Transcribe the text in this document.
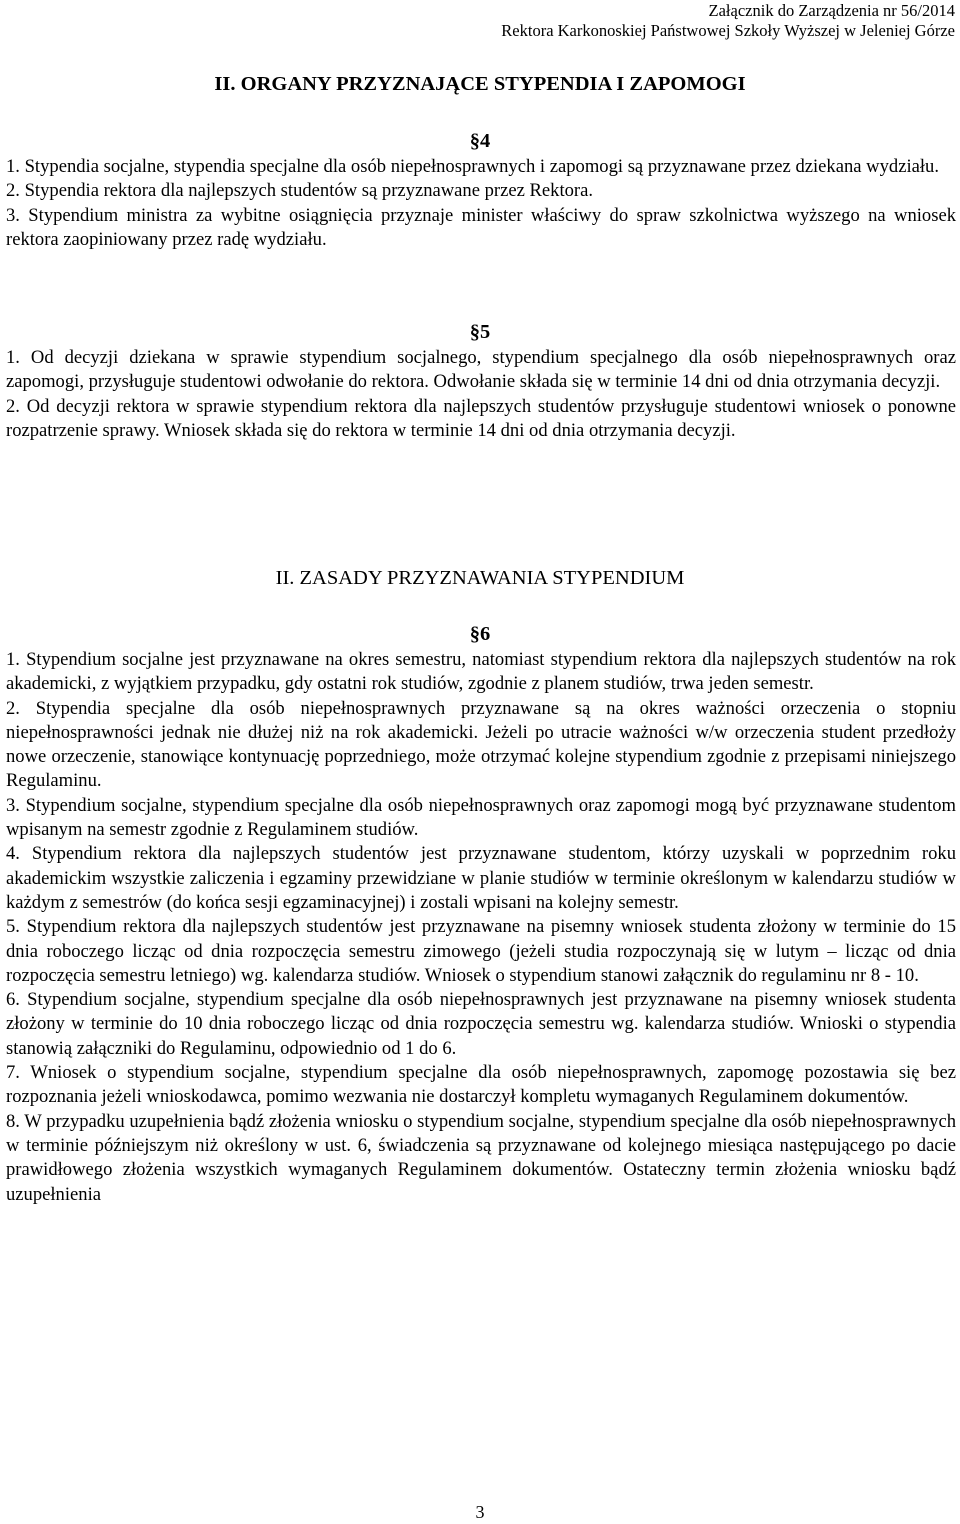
Załącznik do Zarządzenia nr 56/2014
Rektora Karkonoskiej Państwowej Szkoły Wyższej w Jeleniej Górze
II. ORGANY PRZYZNAJĄCE STYPENDIA I ZAPOMOGI
§4

1. Stypendia socjalne, stypendia specjalne dla osób niepełnosprawnych i zapomogi są przyznawane przez dziekana wydziału.

2. Stypendia rektora dla najlepszych studentów są przyznawane przez Rektora.

3. Stypendium ministra za wybitne osiągnięcia przyznaje minister właściwy do spraw szkolnictwa wyższego na wniosek rektora zaopiniowany przez radę wydziału.

§5

1. Od decyzji dziekana w sprawie stypendium socjalnego, stypendium specjalnego dla osób niepełnosprawnych oraz zapomogi, przysługuje studentowi odwołanie do rektora. Odwołanie składa się w terminie 14 dni od dnia otrzymania decyzji.

2. Od decyzji rektora w sprawie stypendium rektora dla najlepszych studentów przysługuje studentowi wniosek o ponowne rozpatrzenie sprawy. Wniosek składa się do rektora w terminie 14 dni od dnia otrzymania decyzji.

II. ZASADY PRZYZNAWANIA STYPENDIUM
§6

1. Stypendium socjalne jest przyznawane na okres semestru, natomiast stypendium rektora dla najlepszych studentów na rok akademicki, z wyjątkiem przypadku, gdy ostatni rok studiów, zgodnie z planem studiów, trwa jeden semestr.

2. Stypendia specjalne dla osób niepełnosprawnych przyznawane są na okres ważności orzeczenia o stopniu niepełnosprawności jednak nie dłużej niż na rok akademicki. Jeżeli po utracie ważności w/w orzeczenia student przedłoży nowe orzeczenie, stanowiące kontynuację poprzedniego, może otrzymać kolejne stypendium zgodnie z przepisami niniejszego Regulaminu.

3. Stypendium socjalne, stypendium specjalne dla osób niepełnosprawnych oraz zapomogi mogą być przyznawane studentom wpisanym na semestr zgodnie z Regulaminem studiów.

4. Stypendium rektora dla najlepszych studentów jest przyznawane studentom, którzy uzyskali w poprzednim roku akademickim wszystkie zaliczenia i egzaminy przewidziane w planie studiów w terminie określonym w kalendarzu studiów w każdym z semestrów (do końca sesji egzaminacyjnej) i zostali wpisani na kolejny semestr.

5. Stypendium rektora dla najlepszych studentów jest przyznawane na pisemny wniosek studenta złożony w terminie do 15 dnia roboczego licząc od dnia rozpoczęcia semestru zimowego (jeżeli studia rozpoczynają się w lutym – licząc od dnia rozpoczęcia semestru letniego) wg. kalendarza studiów. Wniosek o stypendium stanowi załącznik do regulaminu nr 8 - 10.

6. Stypendium socjalne, stypendium specjalne dla osób niepełnosprawnych jest przyznawane na pisemny wniosek studenta złożony w terminie do 10 dnia roboczego licząc od dnia rozpoczęcia semestru wg. kalendarza studiów. Wnioski o stypendia stanowią załączniki do Regulaminu, odpowiednio od 1 do 6.

7. Wniosek o stypendium socjalne, stypendium specjalne dla osób niepełnosprawnych, zapomogę pozostawia się bez rozpoznania jeżeli wnioskodawca, pomimo wezwania nie dostarczył kompletu wymaganych Regulaminem dokumentów.

8. W przypadku uzupełnienia bądź złożenia wniosku o stypendium socjalne, stypendium specjalne dla osób niepełnosprawnych w terminie późniejszym niż określony w ust. 6, świadczenia są przyznawane od kolejnego miesiąca następującego po dacie prawidłowego złożenia wszystkich wymaganych Regulaminem dokumentów. Ostateczny termin złożenia wniosku bądź uzupełnienia

3
